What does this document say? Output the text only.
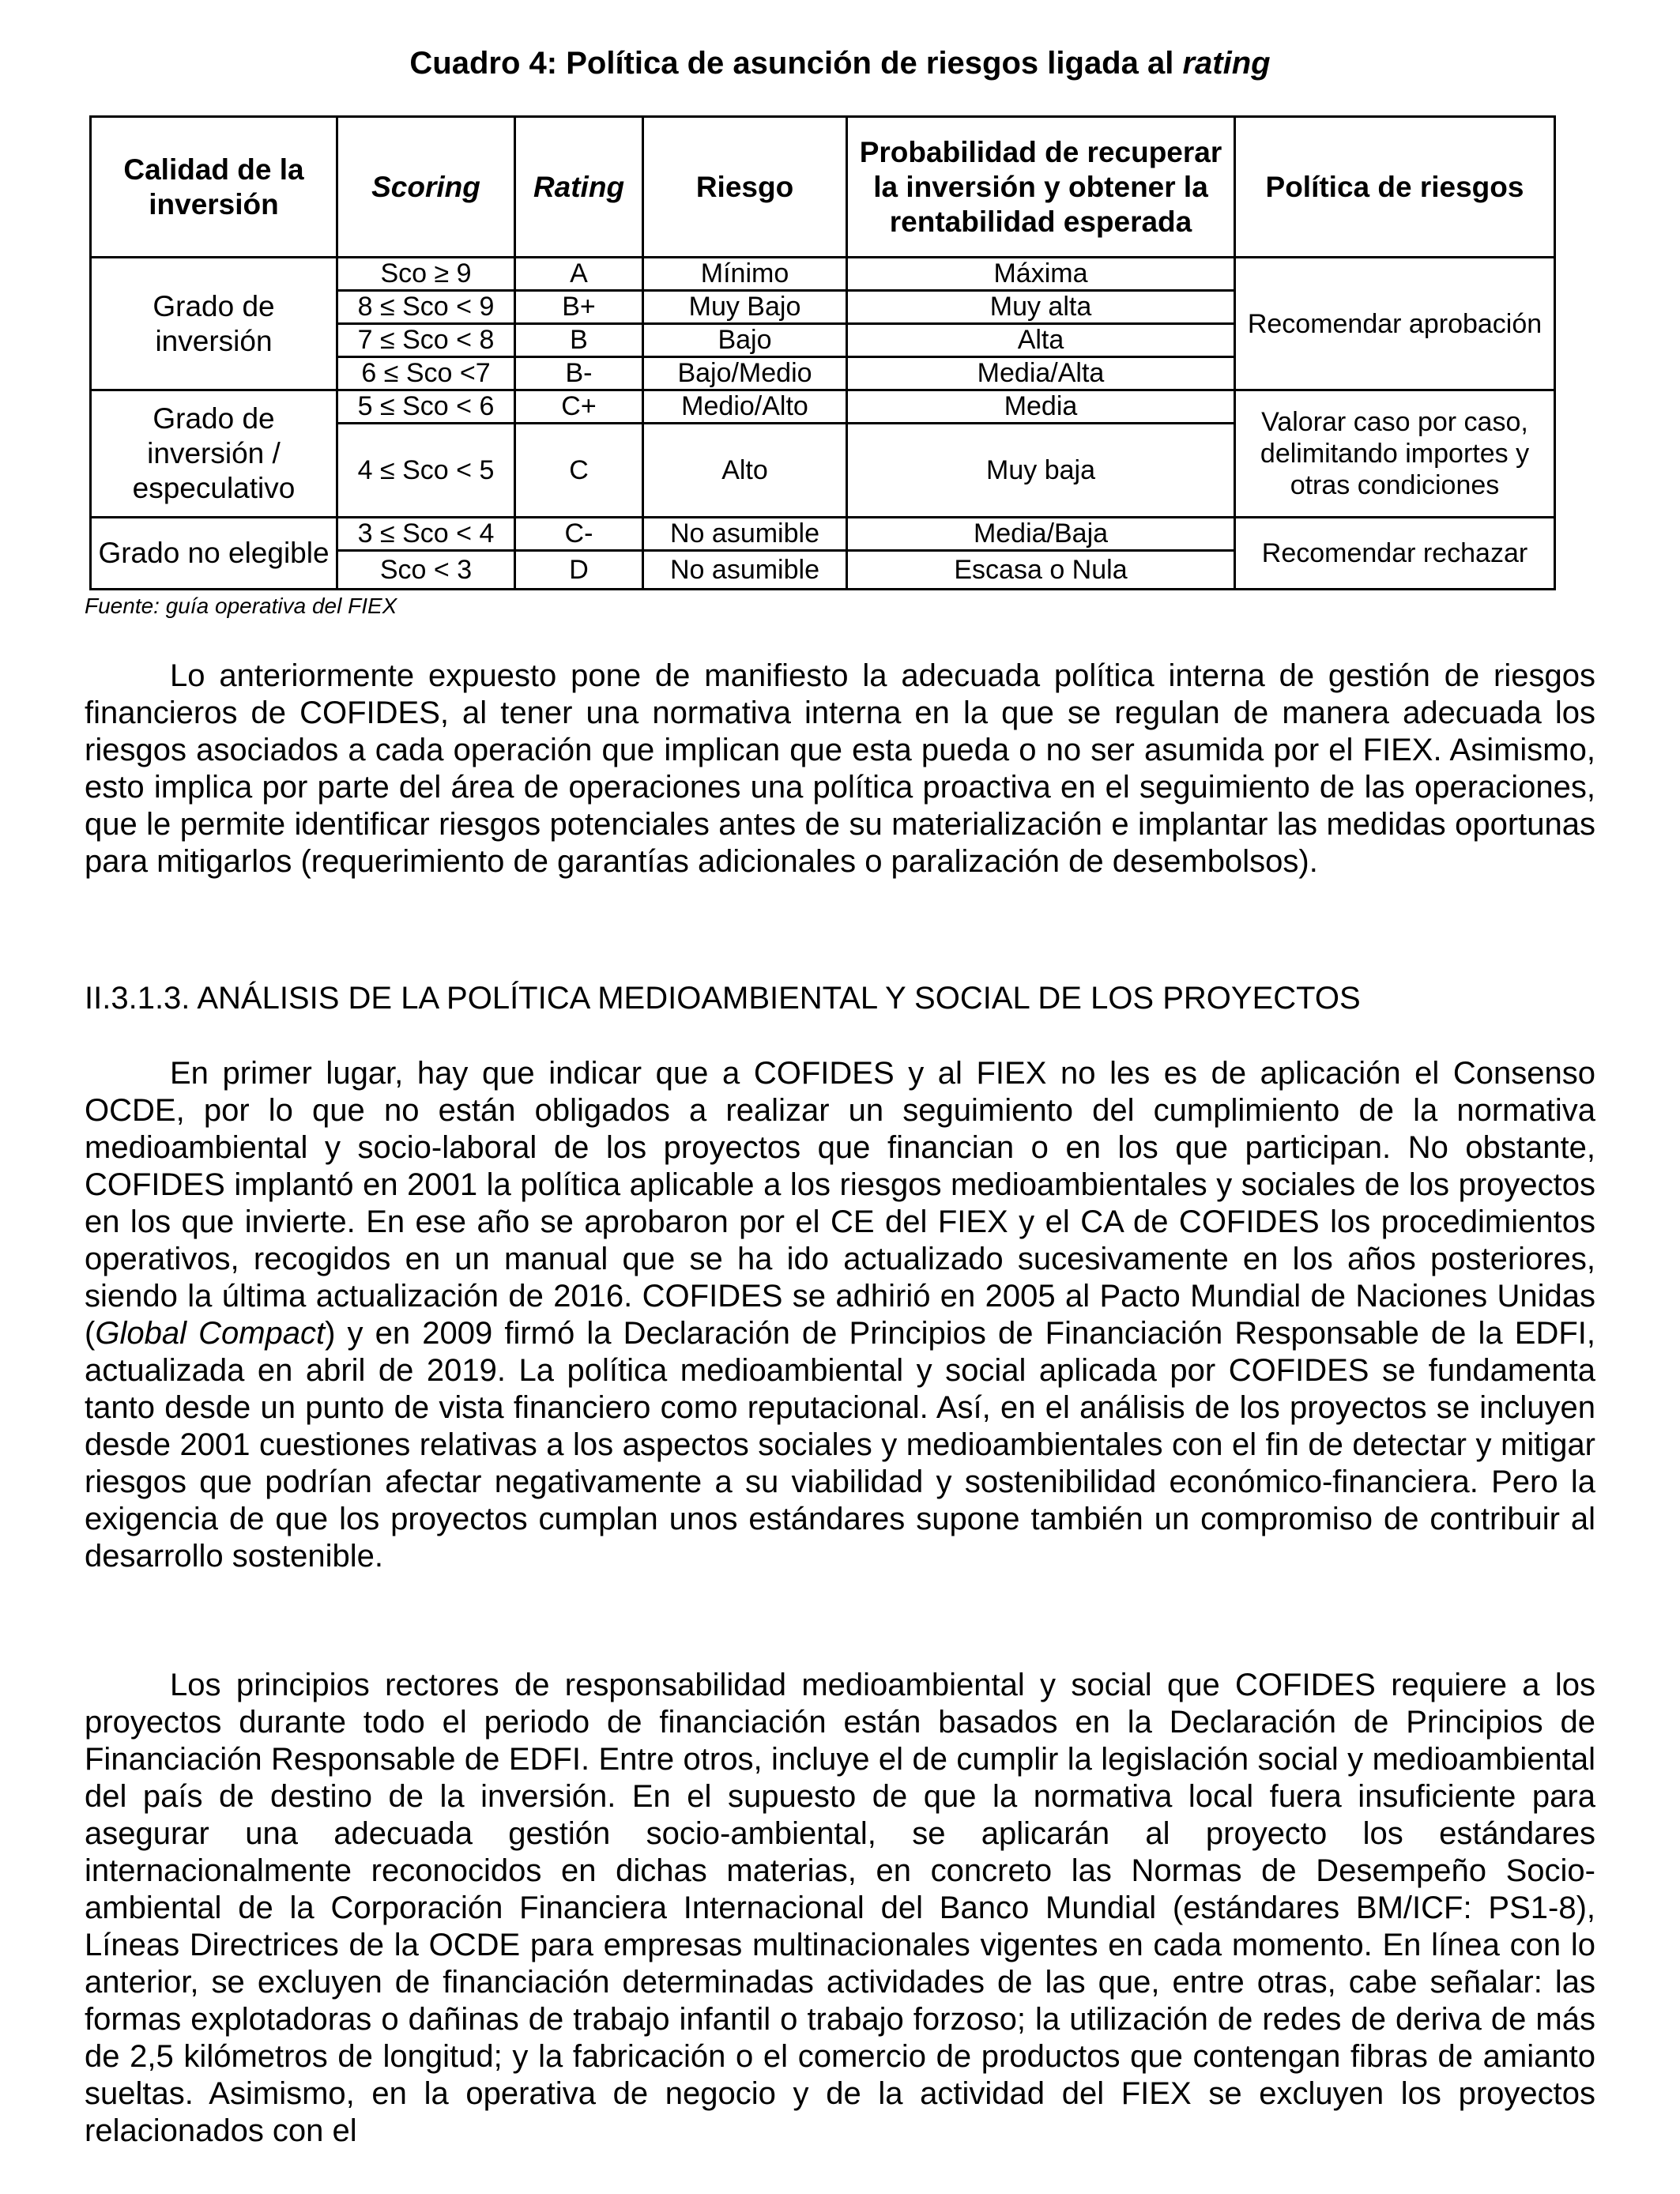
Cuadro 4: Política de asunción de riesgos ligada al rating
Calidad de la inversión	Scoring	Rating	Riesgo	Probabilidad de recuperar la inversión y obtener la rentabilidad esperada	Política de riesgos
Grado de inversión	Sco ≥ 9	A	Mínimo	Máxima	Recomendar aprobación
	8 ≤ Sco < 9	B+	Muy Bajo	Muy alta	
	7 ≤ Sco < 8	B	Bajo	Alta	
	6 ≤ Sco <7	B-	Bajo/Medio	Media/Alta	
Grado de inversión / especulativo	5 ≤ Sco < 6	C+	Medio/Alto	Media	Valorar caso por caso, delimitando importes y otras condiciones
	4 ≤ Sco < 5	C	Alto	Muy baja	
Grado no elegible	3 ≤ Sco < 4	C-	No asumible	Media/Baja	Recomendar rechazar
	Sco < 3	D	No asumible	Escasa o Nula	
Fuente: guía operativa del FIEX
Lo anteriormente expuesto pone de manifiesto la adecuada política interna de gestión de riesgos financieros de COFIDES, al tener una normativa interna en la que se regulan de manera adecuada los riesgos asociados a cada operación que implican que esta pueda o no ser asumida por el FIEX. Asimismo, esto implica por parte del área de operaciones una política proactiva en el seguimiento de las operaciones, que le permite identificar riesgos potenciales antes de su materialización e implantar las medidas oportunas para mitigarlos (requerimiento de garantías adicionales o paralización de desembolsos).
II.3.1.3. ANÁLISIS DE LA POLÍTICA MEDIOAMBIENTAL Y SOCIAL DE LOS PROYECTOS
En primer lugar, hay que indicar que a COFIDES y al FIEX no les es de aplicación el Consenso OCDE, por lo que no están obligados a realizar un seguimiento del cumplimiento de la normativa medioambiental y socio-laboral de los proyectos que financian o en los que participan. No obstante, COFIDES implantó en 2001 la política aplicable a los riesgos medioambientales y sociales de los proyectos en los que invierte. En ese año se aprobaron por el CE del FIEX y el CA de COFIDES los procedimientos operativos, recogidos en un manual que se ha ido actualizado sucesivamente en los años posteriores, siendo la última actualización de 2016. COFIDES se adhirió en 2005 al Pacto Mundial de Naciones Unidas (Global Compact) y en 2009 firmó la Declaración de Principios de Financiación Responsable de la EDFI, actualizada en abril de 2019. La política medioambiental y social aplicada por COFIDES se fundamenta tanto desde un punto de vista financiero como reputacional. Así, en el análisis de los proyectos se incluyen desde 2001 cuestiones relativas a los aspectos sociales y medioambientales con el fin de detectar y mitigar riesgos que podrían afectar negativamente a su viabilidad y sostenibilidad económico-financiera. Pero la exigencia de que los proyectos cumplan unos estándares supone también un compromiso de contribuir al desarrollo sostenible.
Los principios rectores de responsabilidad medioambiental y social que COFIDES requiere a los proyectos durante todo el periodo de financiación están basados en la Declaración de Principios de Financiación Responsable de EDFI. Entre otros, incluye el de cumplir la legislación social y medioambiental del país de destino de la inversión. En el supuesto de que la normativa local fuera insuficiente para asegurar una adecuada gestión socio-ambiental, se aplicarán al proyecto los estándares internacionalmente reconocidos en dichas materias, en concreto las Normas de Desempeño Socio-ambiental de la Corporación Financiera Internacional del Banco Mundial (estándares BM/ICF: PS1-8), Líneas Directrices de la OCDE para empresas multinacionales vigentes en cada momento. En línea con lo anterior, se excluyen de financiación determinadas actividades de las que, entre otras, cabe señalar: las formas explotadoras o dañinas de trabajo infantil o trabajo forzoso; la utilización de redes de deriva de más de 2,5 kilómetros de longitud; y la fabricación o el comercio de productos que contengan fibras de amianto sueltas. Asimismo, en la operativa de negocio y de la actividad del FIEX se excluyen los proyectos relacionados con el
